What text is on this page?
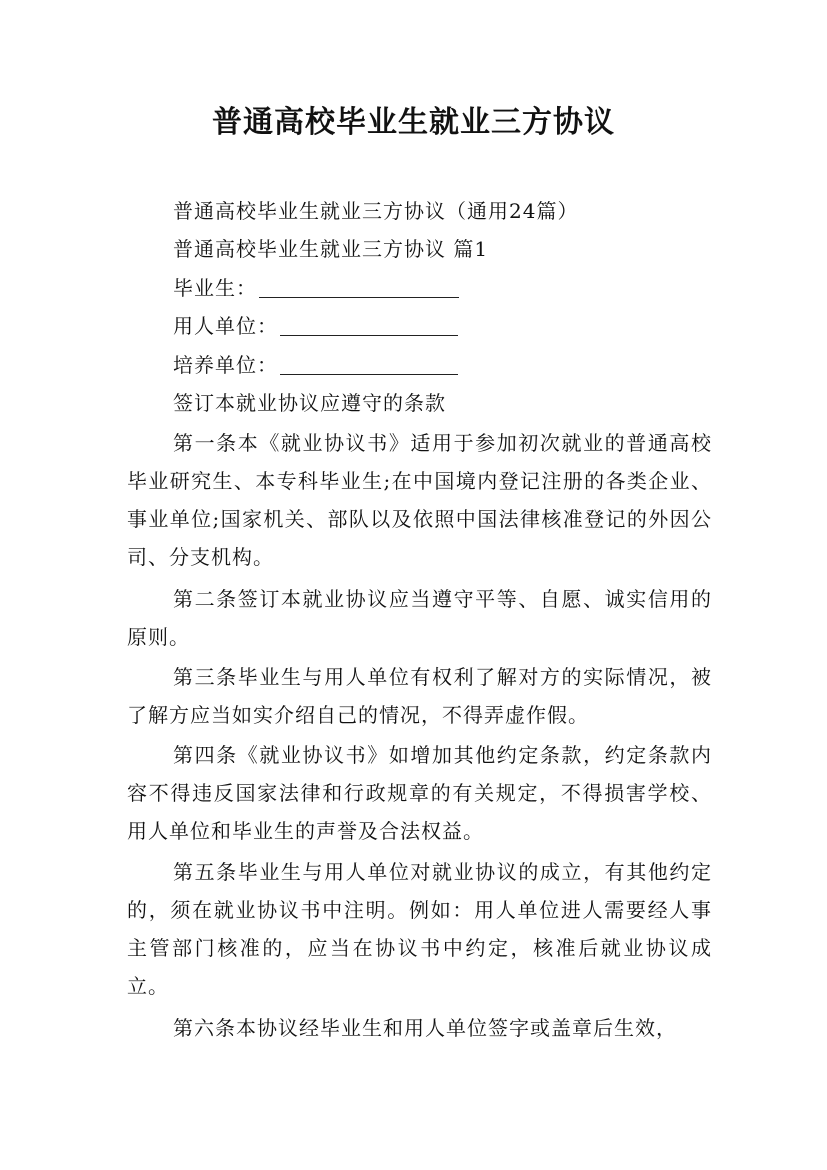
普通高校毕业生就业三方协议
普通高校毕业生就业三方协议（通用24篇）
普通高校毕业生就业三方协议 篇1
毕业生：
用人单位：
培养单位：
签订本就业协议应遵守的条款
第一条本《就业协议书》适用于参加初次就业的普通高校毕业研究生、本专科毕业生;在中国境内登记注册的各类企业、事业单位;国家机关、部队以及依照中国法律核准登记的外因公司、分支机构。
第二条签订本就业协议应当遵守平等、自愿、诚实信用的原则。
第三条毕业生与用人单位有权利了解对方的实际情况，被了解方应当如实介绍自己的情况，不得弄虚作假。
第四条《就业协议书》如增加其他约定条款，约定条款内容不得违反国家法律和行政规章的有关规定，不得损害学校、用人单位和毕业生的声誉及合法权益。
第五条毕业生与用人单位对就业协议的成立，有其他约定的，须在就业协议书中注明。例如：用人单位进人需要经人事主管部门核准的，应当在协议书中约定，核准后就业协议成立。
第六条本协议经毕业生和用人单位签字或盖章后生效，
